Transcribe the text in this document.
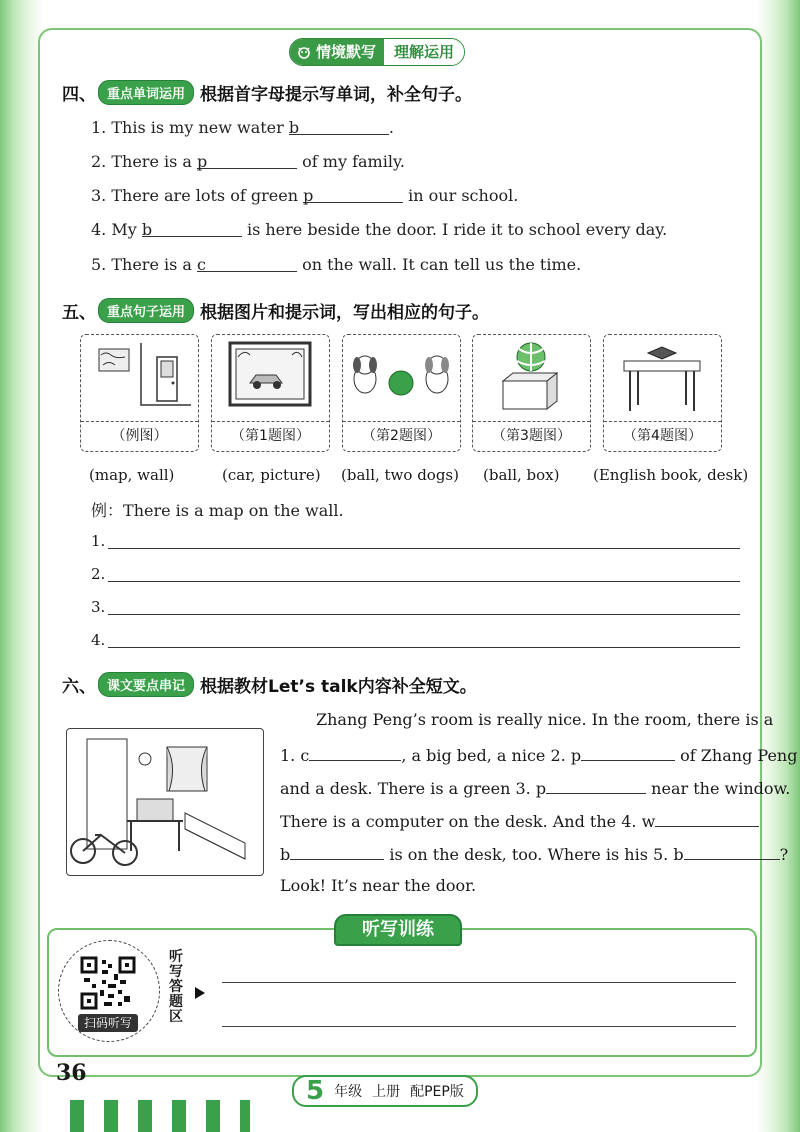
情境默写	理解运用
四、 重点单词运用 根据首字母提示写单词，补全句子。
1. This is my new water b	.
2. There is a p	of my family.
3. There are lots of green p	in our school.
4. My b	is here beside the door. I ride it to school every day.
5. There is a c	on the wall. It can tell us the time.
五、 重点句子运用 根据图片和提示词，写出相应的句子。
（例图）	（第1题图）	（第2题图）	（第3题图）	（第4题图）
(map, wall)	(car, picture) (ball, two dogs) (ball, box) (English book, desk)
例：There is a map on the wall.
1.
2.
3.
4.
六、 课文要点串记 根据教材Let’s talk内容补全短文。
Zhang Peng’s room is really nice. In the room, there is a
1. c	, a big bed, a nice 2. p	of Zhang Peng
and a desk. There is a green 3. p	near the window.
There is a computer on the desk. And the 4. w
b	is on the desk, too. Where is his 5. b	?
Look! It’s near the door.
听写训练
扫码听写
听写答题区
36
5 年级 上册 配PEP版
